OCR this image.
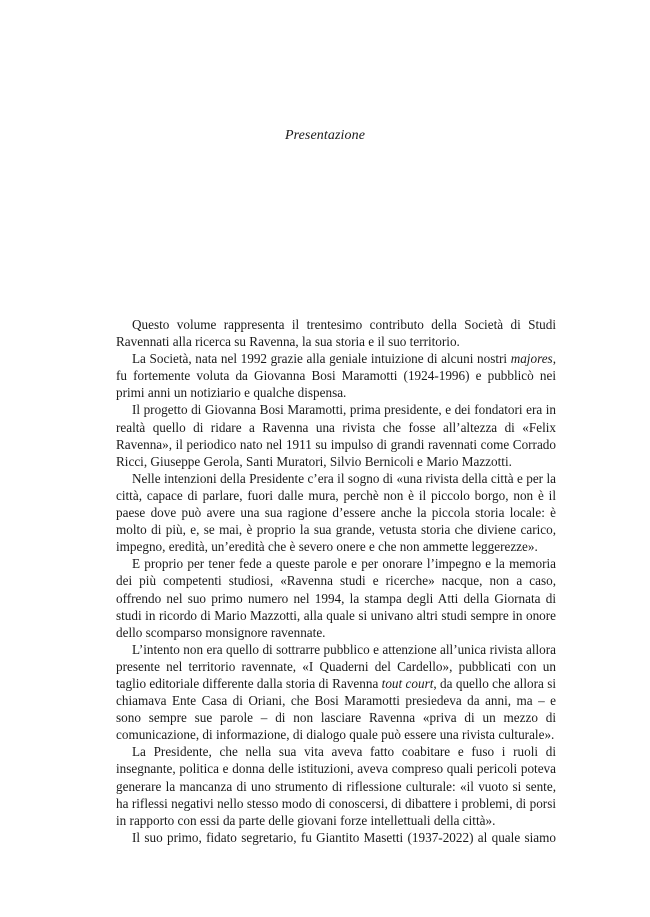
Presentazione

Questo volume rappresenta il trentesimo contributo della Società di Studi Ravennati alla ricerca su Ravenna, la sua storia e il suo territorio.

La Società, nata nel 1992 grazie alla geniale intuizione di alcuni nostri majores, fu fortemente voluta da Giovanna Bosi Maramotti (1924-1996) e pubblicò nei primi anni un notiziario e qualche dispensa.

Il progetto di Giovanna Bosi Maramotti, prima presidente, e dei fondatori era in realtà quello di ridare a Ravenna una rivista che fosse all’altezza di «Felix Ravenna», il periodico nato nel 1911 su impulso di grandi ravennati come Corrado Ricci, Giuseppe Gerola, Santi Muratori, Silvio Bernicoli e Mario Mazzotti.

Nelle intenzioni della Presidente c’era il sogno di «una rivista della città e per la città, capace di parlare, fuori dalle mura, perchè non è il piccolo borgo, non è il paese dove può avere una sua ragione d’essere anche la piccola storia locale: è molto di più, e, se mai, è proprio la sua grande, vetusta storia che diviene carico, impegno, eredità, un’eredità che è severo onere e che non ammette leggerezze».

E proprio per tener fede a queste parole e per onorare l’impegno e la memoria dei più competenti studiosi, «Ravenna studi e ricerche» nacque, non a caso, offrendo nel suo primo numero nel 1994, la stampa degli Atti della Giornata di studi in ricordo di Mario Mazzotti, alla quale si univano altri studi sempre in onore dello scomparso monsignore ravennate.

L’intento non era quello di sottrarre pubblico e attenzione all’unica rivista allora presente nel territorio ravennate, «I Quaderni del Cardello», pubblicati con un taglio editoriale differente dalla storia di Ravenna tout court, da quello che allora si chiamava Ente Casa di Oriani, che Bosi Maramotti presiedeva da anni, ma – e sono sempre sue parole – di non lasciare Ravenna «priva di un mezzo di comunicazione, di informazione, di dialogo quale può essere una rivista culturale».

La Presidente, che nella sua vita aveva fatto coabitare e fuso i ruoli di insegnante, politica e donna delle istituzioni, aveva compreso quali pericoli poteva generare la mancanza di uno strumento di riflessione culturale: «il vuoto si sente, ha riflessi negativi nello stesso modo di conoscersi, di dibattere i problemi, di porsi in rapporto con essi da parte delle giovani forze intellettuali della città».

Il suo primo, fidato segretario, fu Giantito Masetti (1937-2022) al quale siamo
